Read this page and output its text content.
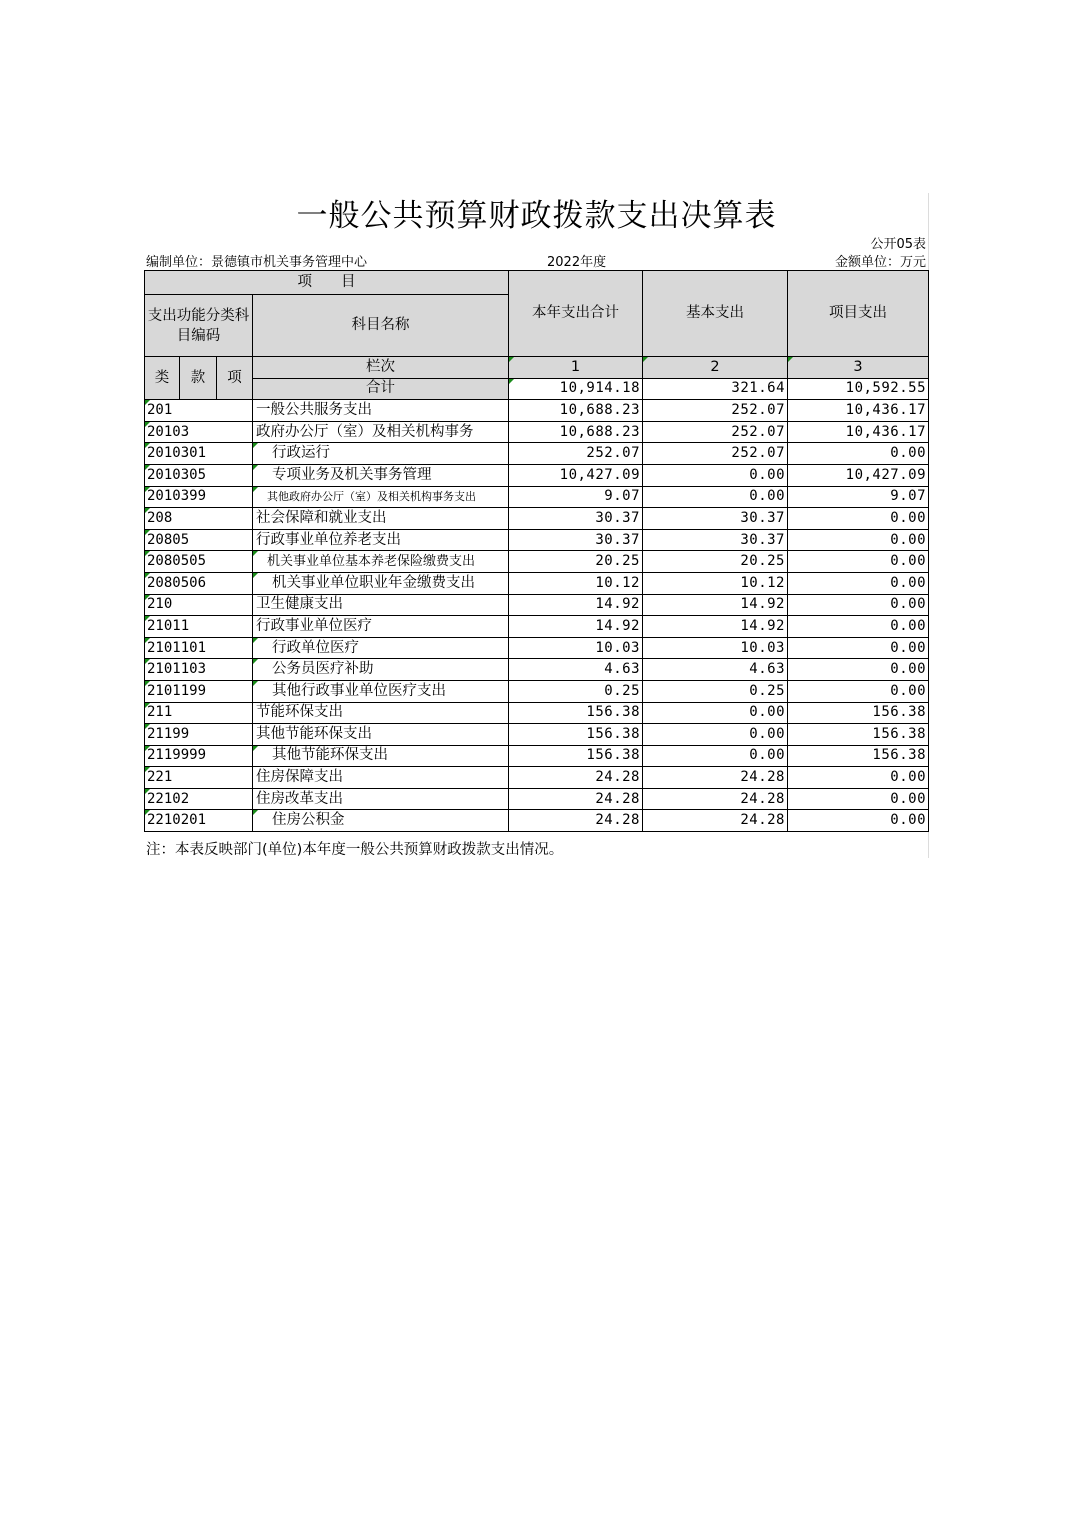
一般公共预算财政拨款支出决算表
公开05表
编制单位：景德镇市机关事务管理中心	2022年度	金额单位：万元
项　　目				本年支出合计	基本支出	项目支出
支出功能分类科目编码			科目名称			

类	款	项	栏次	1	2	3
			合计	10,914.18	321.64	10,592.55
201			一般公共服务支出	10,688.23	252.07	10,436.17
20103			政府办公厅（室）及相关机构事务	10,688.23	252.07	10,436.17
2010301			行政运行	252.07	252.07	0.00
2010305			专项业务及机关事务管理	10,427.09	0.00	10,427.09
2010399			其他政府办公厅（室）及相关机构事务支出	9.07	0.00	9.07
208			社会保障和就业支出	30.37	30.37	0.00
20805			行政事业单位养老支出	30.37	30.37	0.00
2080505			机关事业单位基本养老保险缴费支出	20.25	20.25	0.00
2080506			机关事业单位职业年金缴费支出	10.12	10.12	0.00
210			卫生健康支出	14.92	14.92	0.00
21011			行政事业单位医疗	14.92	14.92	0.00
2101101			行政单位医疗	10.03	10.03	0.00
2101103			公务员医疗补助	4.63	4.63	0.00
2101199			其他行政事业单位医疗支出	0.25	0.25	0.00
211			节能环保支出	156.38	0.00	156.38
21199			其他节能环保支出	156.38	0.00	156.38
2119999			其他节能环保支出	156.38	0.00	156.38
221			住房保障支出	24.28	24.28	0.00
22102			住房改革支出	24.28	24.28	0.00
2210201			住房公积金	24.28	24.28	0.00
注：本表反映部门(单位)本年度一般公共预算财政拨款支出情况。
